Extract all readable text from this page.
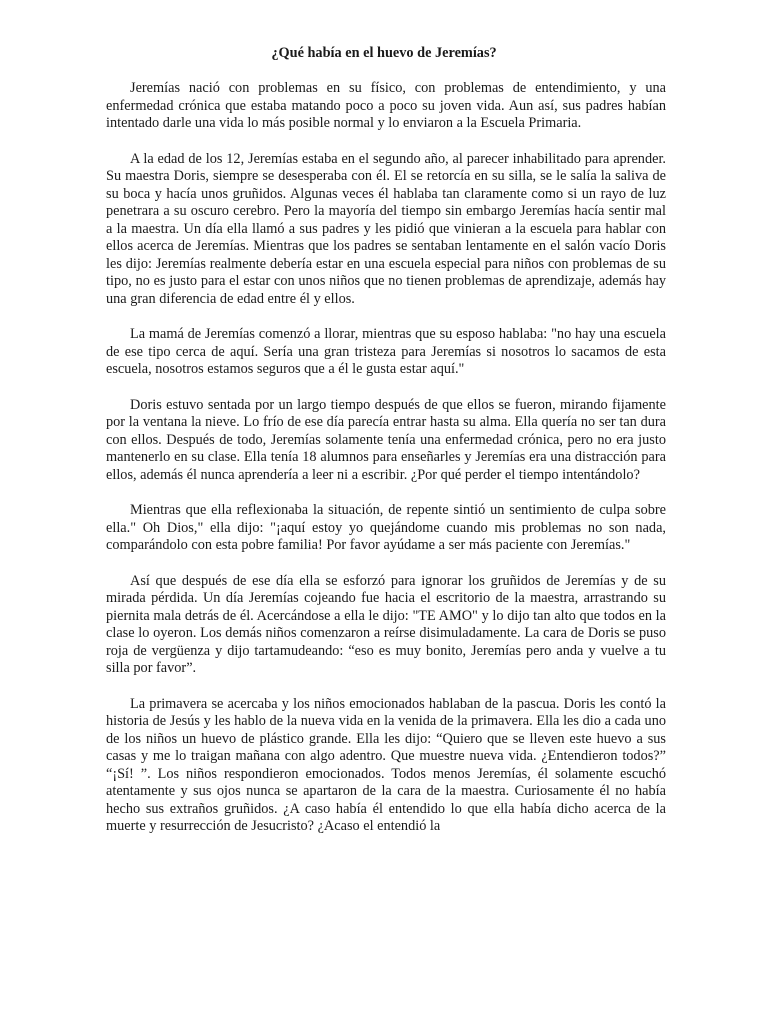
¿Qué había en el huevo de Jeremías?

Jeremías nació con problemas en su físico, con problemas de entendimiento, y una enfermedad crónica que estaba matando poco a poco su joven vida. Aun así, sus padres habían intentado darle una vida lo más posible normal y lo enviaron a la Escuela Primaria.

A la edad de los 12, Jeremías estaba en el segundo año, al parecer inhabilitado para aprender. Su maestra Doris, siempre se desesperaba con él. El se retorcía en su silla, se le salía la saliva de su boca y hacía unos gruñidos. Algunas veces él hablaba tan claramente como si un rayo de luz penetrara a su oscuro cerebro. Pero la mayoría del tiempo sin embargo Jeremías hacía sentir mal a la maestra. Un día ella llamó a sus padres y les pidió que vinieran a la escuela para hablar con ellos acerca de Jeremías. Mientras que los padres se sentaban lentamente en el salón vacío Doris les dijo: Jeremías realmente debería estar en una escuela especial para niños con problemas de su tipo, no es justo para el estar con unos niños que no tienen problemas de aprendizaje, además hay una gran diferencia de edad entre él y ellos.

La mamá de Jeremías comenzó a llorar, mientras que su esposo hablaba: "no hay una escuela de ese tipo cerca de aquí. Sería una gran tristeza para Jeremías si nosotros lo sacamos de esta escuela, nosotros estamos seguros que a él le gusta estar aquí."

Doris estuvo sentada por un largo tiempo después de que ellos se fueron, mirando fijamente por la ventana la nieve. Lo frío de ese día parecía entrar hasta su alma. Ella quería no ser tan dura con ellos. Después de todo, Jeremías solamente tenía una enfermedad crónica, pero no era justo mantenerlo en su clase. Ella tenía 18 alumnos para enseñarles y Jeremías era una distracción para ellos, además él nunca aprendería a leer ni a escribir. ¿Por qué perder el tiempo intentándolo?

Mientras que ella reflexionaba la situación, de repente sintió un sentimiento de culpa sobre ella." Oh Dios," ella dijo: "¡aquí estoy yo quejándome cuando mis problemas no son nada, comparándolo con esta pobre familia! Por favor ayúdame a ser más paciente con Jeremías."

Así que después de ese día ella se esforzó para ignorar los gruñidos de Jeremías y de su mirada pérdida. Un día Jeremías cojeando fue hacia el escritorio de la maestra, arrastrando su piernita mala detrás de él. Acercándose a ella le dijo: "TE AMO" y lo dijo tan alto que todos en la clase lo oyeron. Los demás niños comenzaron a reírse disimuladamente. La cara de Doris se puso roja de vergüenza y dijo tartamudeando: “eso es muy bonito, Jeremías pero anda y vuelve a tu silla por favor”.

La primavera se acercaba y los niños emocionados hablaban de la pascua. Doris les contó la historia de Jesús y les hablo de la nueva vida en la venida de la primavera. Ella les dio a cada uno de los niños un huevo de plástico grande. Ella les dijo: “Quiero que se lleven este huevo a sus casas y me lo traigan mañana con algo adentro. Que muestre nueva vida. ¿Entendieron todos?” “¡Sí! ”. Los niños respondieron emocionados. Todos menos Jeremías, él solamente escuchó atentamente y sus ojos nunca se apartaron de la cara de la maestra. Curiosamente él no había hecho sus extraños gruñidos. ¿A caso había él entendido lo que ella había dicho acerca de la muerte y resurrección de Jesucristo? ¿Acaso el entendió la
